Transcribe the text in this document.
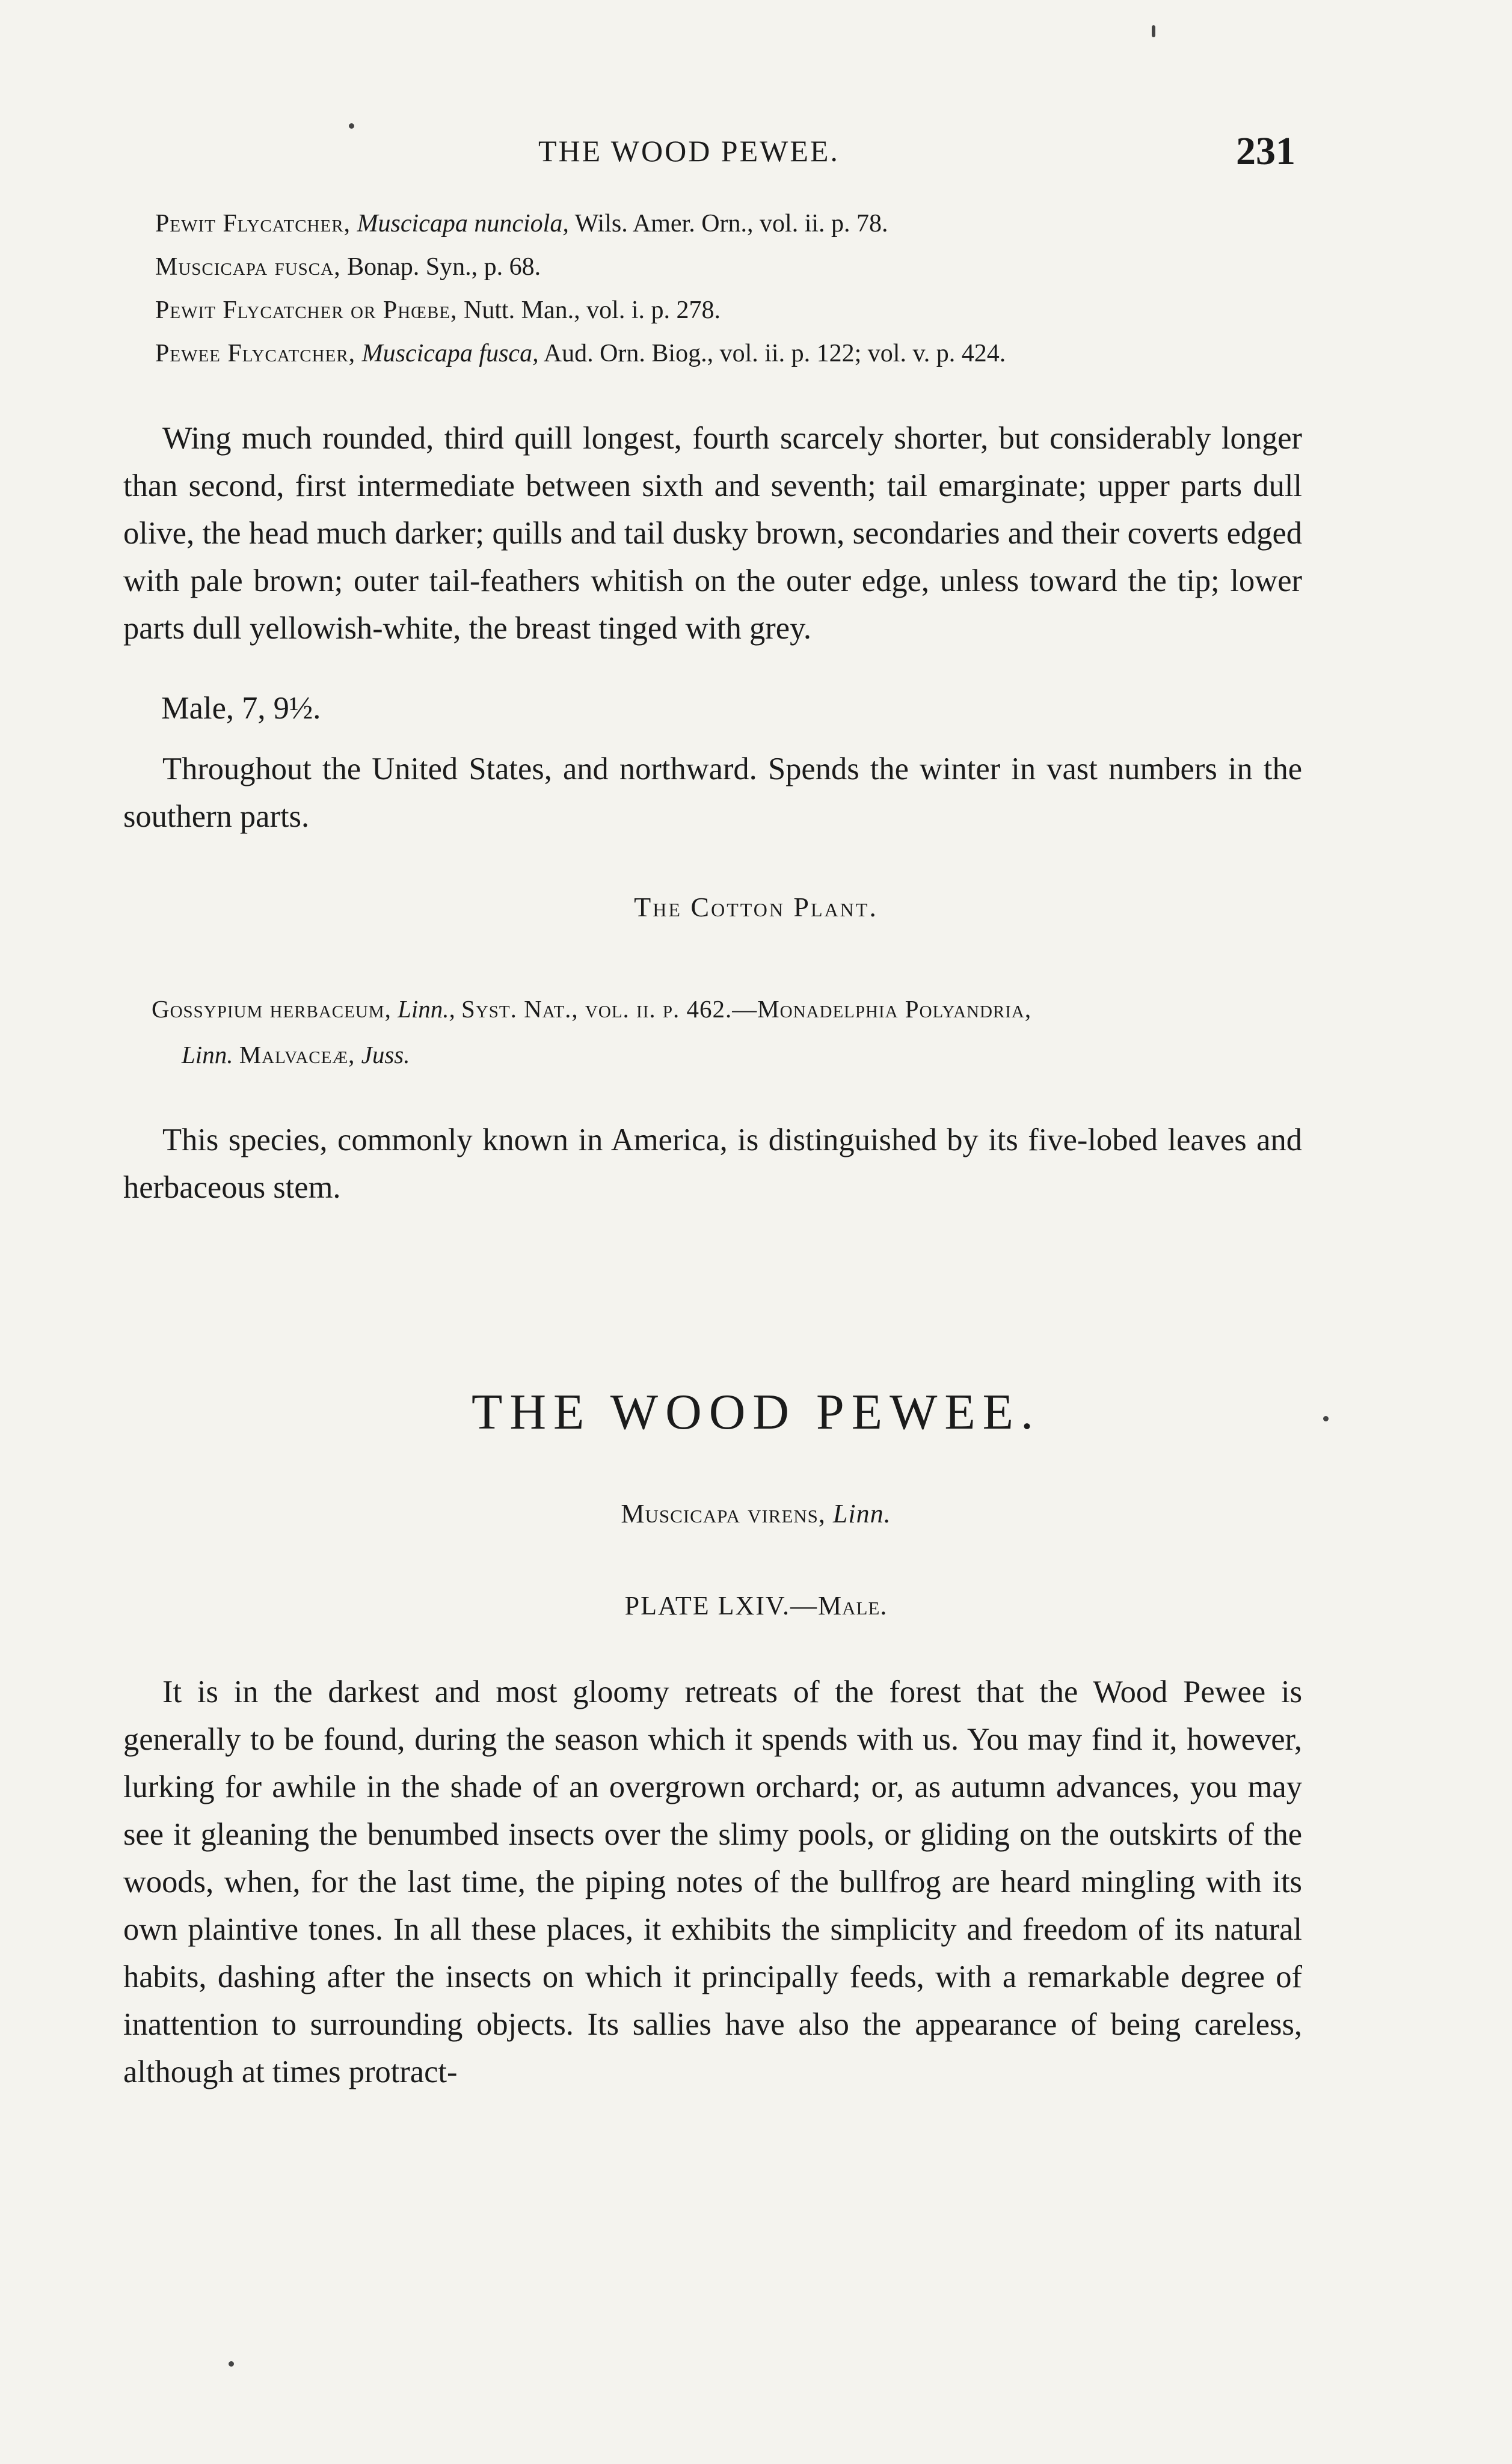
THE WOOD PEWEE.	231
Pewit Flycatcher, Muscicapa nunciola, Wils. Amer. Orn., vol. ii. p. 78.
Muscicapa fusca, Bonap. Syn., p. 68.
Pewit Flycatcher or Phœbe, Nutt. Man., vol. i. p. 278.
Pewee Flycatcher, Muscicapa fusca, Aud. Orn. Biog., vol. ii. p. 122; vol. v. p. 424.

Wing much rounded, third quill longest, fourth scarcely shorter, but considerably longer than second, first intermediate between sixth and seventh; tail emarginate; upper parts dull olive, the head much darker; quills and tail dusky brown, secondaries and their coverts edged with pale brown; outer tail-feathers whitish on the outer edge, unless toward the tip; lower parts dull yellowish-white, the breast tinged with grey.

Male, 7, 9½.

Throughout the United States, and northward. Spends the winter in vast numbers in the southern parts.

The Cotton Plant.
Gossypium herbaceum, Linn., Syst. Nat., vol. ii. p. 462.—Monadelphia Polyandria,
Linn. Malvaceæ, Juss.

This species, commonly known in America, is distinguished by its five-lobed leaves and herbaceous stem.

THE WOOD PEWEE.
Muscicapa virens, Linn.
PLATE LXIV.—Male.

It is in the darkest and most gloomy retreats of the forest that the Wood Pewee is generally to be found, during the season which it spends with us. You may find it, however, lurking for awhile in the shade of an overgrown orchard; or, as autumn advances, you may see it gleaning the benumbed insects over the slimy pools, or gliding on the outskirts of the woods, when, for the last time, the piping notes of the bullfrog are heard mingling with its own plaintive tones. In all these places, it exhibits the simplicity and freedom of its natural habits, dashing after the insects on which it principally feeds, with a remarkable degree of inattention to surrounding objects. Its sallies have also the appearance of being careless, although at times protract-
